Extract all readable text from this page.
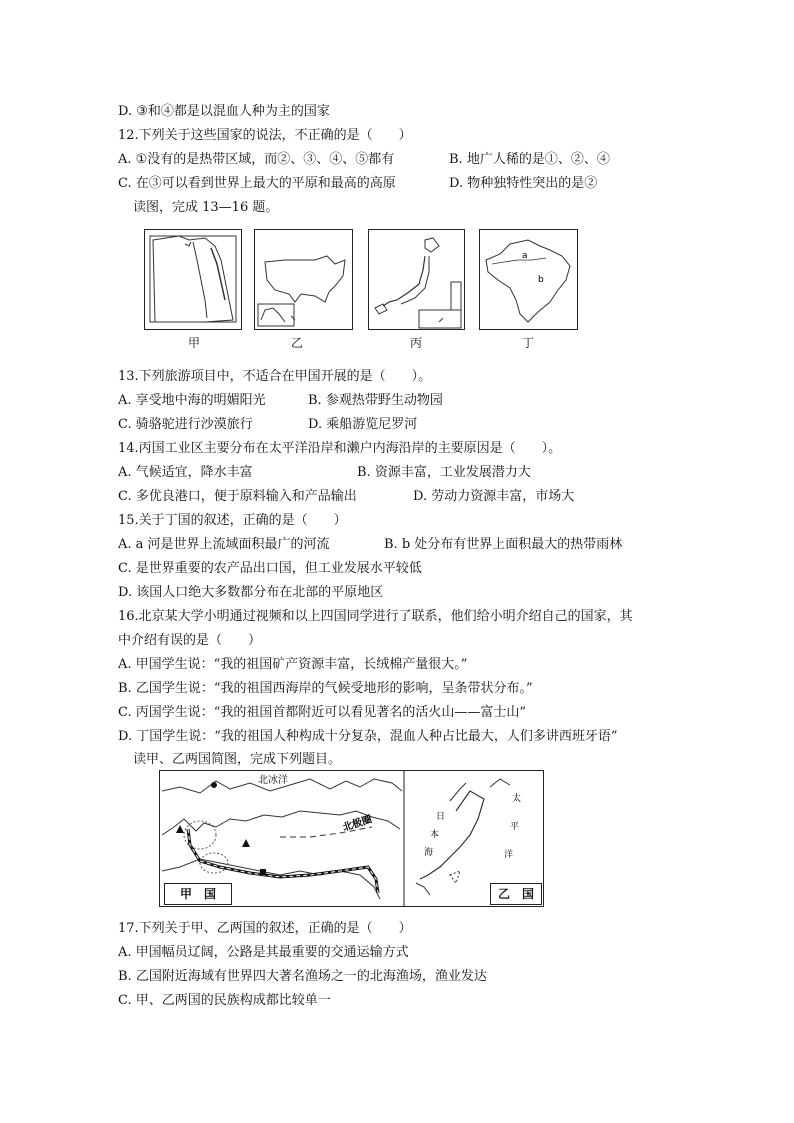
D. ③和④都是以混血人种为主的国家
12.下列关于这些国家的说法，不正确的是（　　）
A. ①没有的是热带区域，而②、③、④、⑤都有	B. 地广人稀的是①、②、④
C. 在③可以看到世界上最大的平原和最高的高原	D. 物种独特性突出的是②
读图，完成 13—16 题。
a
b
甲	乙	丙	丁
13.下列旅游项目中，不适合在甲国开展的是（　　）。
A. 享受地中海的明媚阳光	B. 参观热带野生动物园
C. 骑骆驼进行沙漠旅行	D. 乘船游览尼罗河
14.丙国工业区主要分布在太平洋沿岸和濑户内海沿岸的主要原因是（　　）。
A. 气候适宜，降水丰富	B. 资源丰富，工业发展潜力大
C. 多优良港口，便于原料输入和产品输出	D. 劳动力资源丰富，市场大
15.关于丁国的叙述，正确的是（　　）
A. a 河是世界上流域面积最广的河流	B. b 处分布有世界上面积最大的热带雨林
C. 是世界重要的农产品出口国，但工业发展水平较低
D. 该国人口绝大多数都分布在北部的平原地区
16.北京某大学小明通过视频和以上四国同学进行了联系，他们给小明介绍自己的国家，其
中介绍有误的是（　　）
A. 甲国学生说：“我的祖国矿产资源丰富，长绒棉产量很大。”
B. 乙国学生说：“我的祖国西海岸的气候受地形的影响，呈条带状分布。”
C. 丙国学生说：“我的祖国首都附近可以看见著名的活火山——富士山”
D. 丁国学生说：“我的祖国人种构成十分复杂，混血人种占比最大，人们多讲西班牙语”
读甲、乙两国简图，完成下列题目。
北冰洋
北极圈	日
本
海
太
平
洋
甲　国	乙　国
17.下列关于甲、乙两国的叙述，正确的是（　　）
A. 甲国幅员辽阔，公路是其最重要的交通运输方式
B. 乙国附近海域有世界四大著名渔场之一的北海渔场，渔业发达
C. 甲、乙两国的民族构成都比较单一
